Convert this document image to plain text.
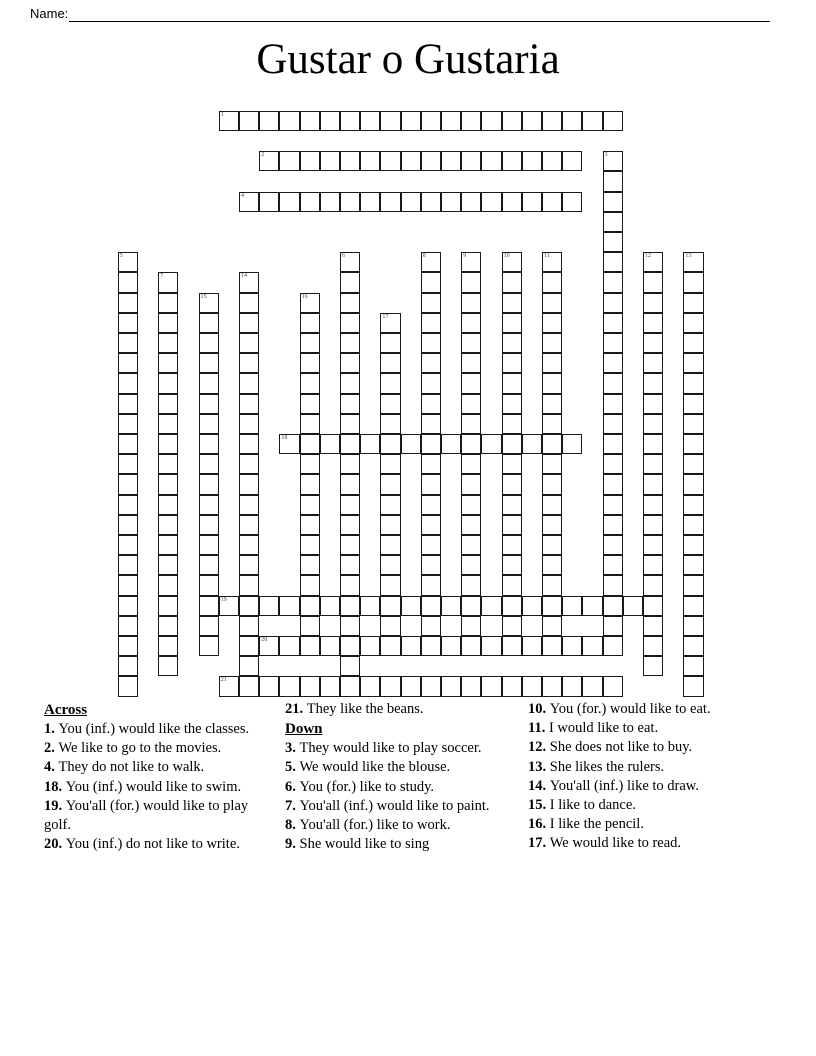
Name:
Gustar o Gustaria
1
2
4
18
19
20
21
3
5	6
7
8	9	10	11	12	13
14
15	16
17
Across
1. You (inf.) would like the classes.
2. We like to go to the movies.
4. They do not like to walk.
18. You (inf.) would like to swim.
19. You'all (for.) would like to play golf.
20. You (inf.) do not like to write.
21. They like the beans.
Down
3. They would like to play soccer.
5. We would like the blouse.
6. You (for.) like to study.
7. You'all (inf.) would like to paint.
8. You'all (for.) like to work.
9. She would like to sing
10. You (for.) would like to eat.
11. I would like to eat.
12. She does not like to buy.
13. She likes the rulers.
14. You'all (inf.) like to draw.
15. I like to dance.
16. I like the pencil.
17. We would like to read.
